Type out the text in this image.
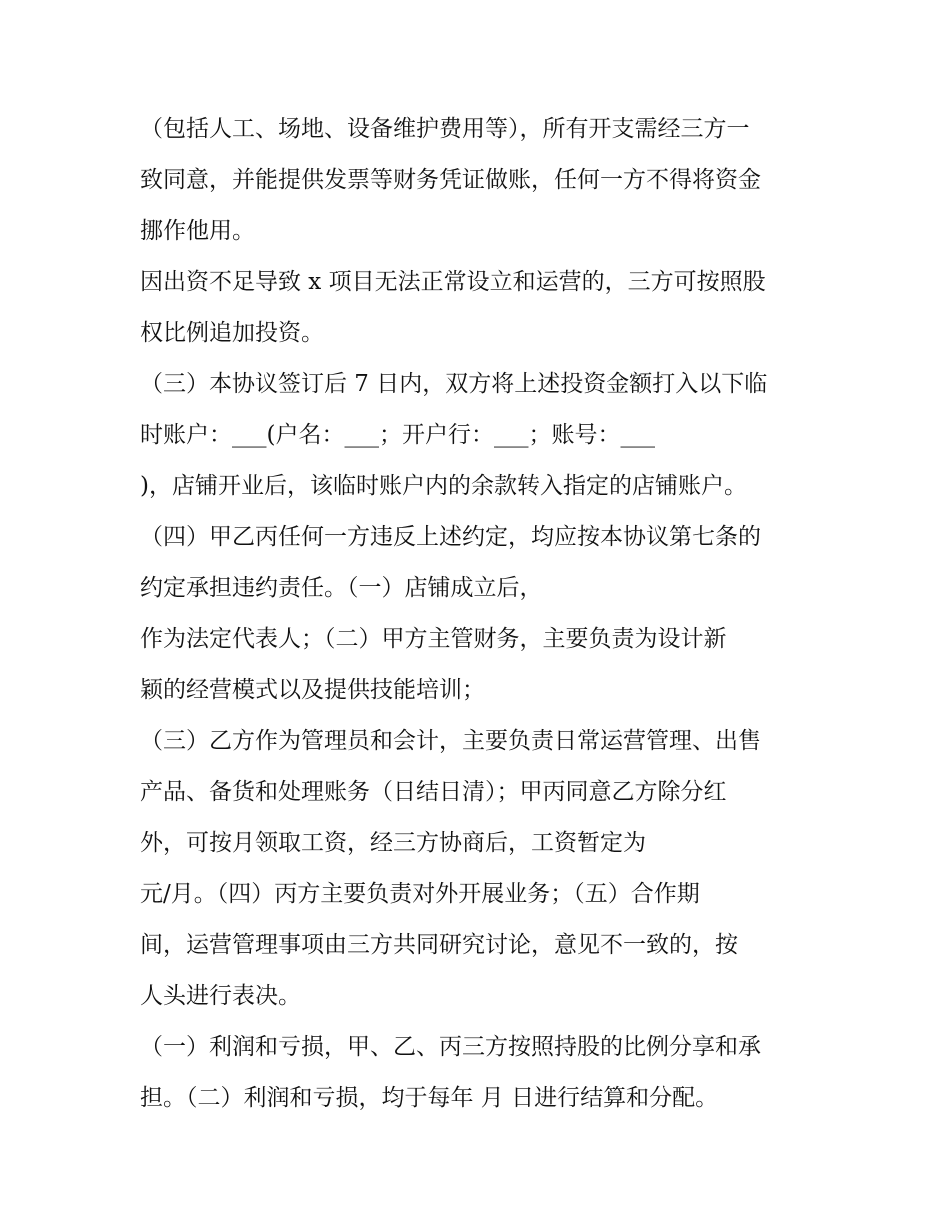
（包括人工、场地、设备维护费用等），所有开支需经三方一
致同意，并能提供发票等财务凭证做账，任何一方不得将资金
挪作他用。
因出资不足导致 x 项目无法正常设立和运营的，三方可按照股
权比例追加投资。
（三）本协议签订后 7 日内，双方将上述投资金额打入以下临
时账户：___(户名：___；开户行：___；账号：___
)，店铺开业后，该临时账户内的余款转入指定的店铺账户。
（四）甲乙丙任何一方违反上述约定，均应按本协议第七条的
约定承担违约责任。（一）店铺成立后，
作为法定代表人；（二）甲方主管财务，主要负责为设计新
颖的经营模式以及提供技能培训；
（三）乙方作为管理员和会计，主要负责日常运营管理、出售
产品、备货和处理账务（日结日清）；甲丙同意乙方除分红
外，可按月领取工资，经三方协商后，工资暂定为
元/月。（四）丙方主要负责对外开展业务；（五）合作期
间，运营管理事项由三方共同研究讨论，意见不一致的，按
人头进行表决。
（一）利润和亏损，甲、乙、丙三方按照持股的比例分享和承
担。（二）利润和亏损，均于每年 月 日进行结算和分配。
